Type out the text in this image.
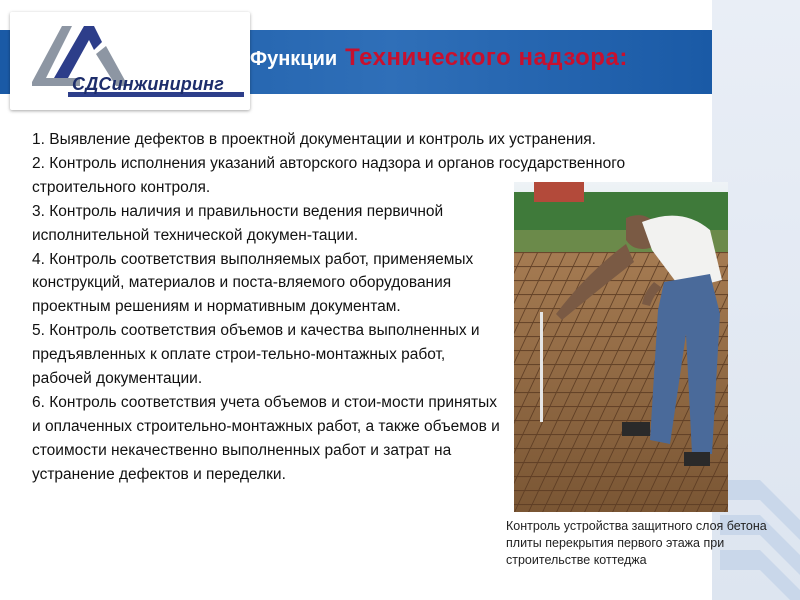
Функции Технического надзора:
СДСинжиниринг

1. Выявление дефектов в проектной документации и контроль их устранения.

2. Контроль исполнения указаний авторского надзора и органов государственного строительного контроля.

3. Контроль наличия и правильности ведения первичной исполнительной технической докумен-тации.

4. Контроль соответствия выполняемых работ, применяемых конструкций, материалов и поста-вляемого оборудования проектным решениям и нормативным документам.

5. Контроль соответствия объемов и качества выполненных и предъявленных к оплате строи-тельно-монтажных работ, рабочей документации.

6. Контроль соответствия учета объемов и стои-мости принятых и оплаченных строительно-монтажных работ, а также объемов и стоимости некачественно выполненных работ и затрат на устранение дефектов и переделки.

Контроль устройства защитного слоя бетона плиты перекрытия первого этажа при строительстве коттеджа
